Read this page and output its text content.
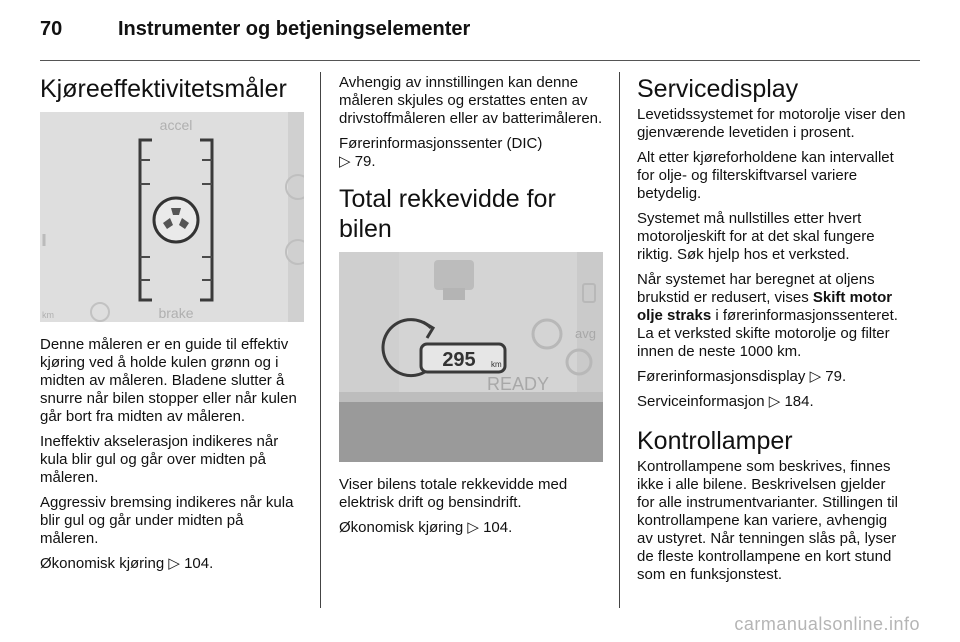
70	Instrumenter og betjeningselementer
Kjøreeffektivitetsmåler
accel
brake
km

Denne måleren er en guide til effektiv kjøring ved å holde kulen grønn og i midten av måleren. Bladene slutter å snurre når bilen stopper eller når kulen går bort fra midten av måleren.

Ineffektiv akselerasjon indikeres når kula blir gul og går over midten på måleren.

Aggressiv bremsing indikeres når kula blir gul og går under midten på måleren.

Økonomisk kjøring ▷ 104.

Avhengig av innstillingen kan denne måleren skjules og erstattes enten av drivstoffmåleren eller av batterimåleren.

Førerinformasjonssenter (DIC)
▷ 79.

Total rekkevidde for bilen
295 km
READY
avg

Viser bilens totale rekkevidde med elektrisk drift og bensindrift.

Økonomisk kjøring ▷ 104.

Servicedisplay

Levetidssystemet for motorolje viser den gjenværende levetiden i prosent.

Alt etter kjøreforholdene kan intervallet for olje- og filterskiftvarsel variere betydelig.

Systemet må nullstilles etter hvert motoroljeskift for at det skal fungere riktig. Søk hjelp hos et verksted.

Når systemet har beregnet at oljens brukstid er redusert, vises Skift motor olje straks i førerinformasjonssenteret. La et verksted skifte motorolje og filter innen de neste 1000 km.

Førerinformasjonsdisplay ▷ 79.

Serviceinformasjon ▷ 184.

Kontrollamper

Kontrollampene som beskrives, finnes ikke i alle bilene. Beskrivelsen gjelder for alle instrumentvarianter. Stillingen til kontrollampene kan variere, avhengig av ustyret. Når tenningen slås på, lyser de fleste kontrollampene en kort stund som en funksjonstest.

carmanualsonline.info
